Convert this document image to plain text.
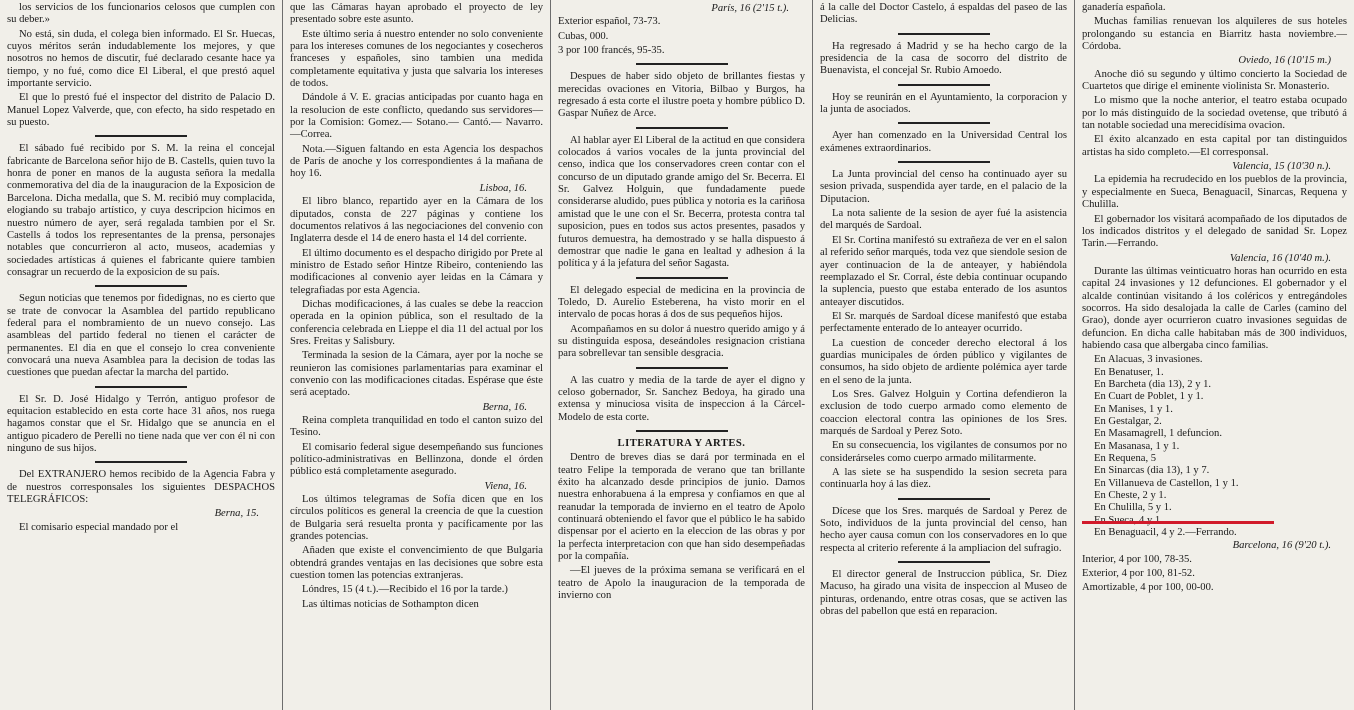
los servicios de los funcionarios celosos que cumplen con su deber.»

No está, sin duda, el colega bien informado. El Sr. Huecas, cuyos méritos serán indudablemente los mejores, y que nosotros no hemos de discutir, fué declarado cesante hace ya tiempo, y no fué, como dice El Liberal, el que prestó aquel importante servicio.

El que lo prestó fué el inspector del distrito de Palacio D. Manuel Lopez Valverde, que, con efecto, ha sido respetado en su puesto.

El sábado fué recibido por S. M. la reina el concejal fabricante de Barcelona señor hijo de B. Castells, quien tuvo la honra de poner en manos de la augusta señora la medalla conmemorativa del dia de la inauguracion de la Exposicion de Barcelona. Dicha medalla, que S. M. recibió muy complacida, elogiando su trabajo artístico, y cuya descripcion hicimos en nuestro número de ayer, será regalada tambien por el Sr. Castells á todos los representantes de la prensa, personajes notables que concurrieron al acto, museos, academias y sociedades artísticas á quienes el fabricante quiere tambien consagrar un recuerdo de la exposicion de su país.

Segun noticias que tenemos por fidedignas, no es cierto que se trate de convocar la Asamblea del partido republicano federal para el nombramiento de un nuevo consejo. Las asambleas del partido federal no tienen el carácter de permanentes. El dia en que el consejo lo crea conveniente convocará una nueva Asamblea para la decision de todas las cuestiones que puedan afectar la marcha del partido.

El Sr. D. José Hidalgo y Terrón, antiguo profesor de equitacion establecido en esta corte hace 31 años, nos ruega hagamos constar que el Sr. Hidalgo que se anuncia en el antiguo picadero de Perelli no tiene nada que ver con él ni con ninguno de sus hijos.

Del EXTRANJERO hemos recibido de la Agencia Fabra y de nuestros corresponsales los siguientes DESPACHOS TELEGRÁFICOS:

Berna, 15.

El comisario especial mandado por el

que las Cámaras hayan aprobado el proyecto de ley presentado sobre este asunto.

Este último seria á nuestro entender no solo conveniente para los intereses comunes de los negociantes y cosecheros franceses y españoles, sino tambien una medida completamente equitativa y justa que salvaria los intereses de todos.

Dándole á V. E. gracias anticipadas por cuanto haga en la resolucion de este conflicto, quedando sus servidores—por la Comision: Gomez.— Sotano.— Cantó.— Navarro.—Correa.

Nota.—Siguen faltando en esta Agencia los despachos de París de anoche y los correspondientes á la mañana de hoy 16.

Lisboa, 16.

El libro blanco, repartido ayer en la Cámara de los diputados, consta de 227 páginas y contiene los documentos relativos á las negociaciones del convenio con Inglaterra desde el 14 de enero hasta el 14 del corriente.

El último documento es el despacho dirigido por Prete al ministro de Estado señor Hintze Ribeiro, conteniendo las modificaciones al convenio ayer leidas en la Cámara y telegrafiadas por esta Agencia.

Dichas modificaciones, á las cuales se debe la reaccion operada en la opinion pública, son el resultado de la conferencia celebrada en Lieppe el dia 11 del actual por los Sres. Freitas y Salisbury.

Terminada la sesion de la Cámara, ayer por la noche se reunieron las comisiones parlamentarias para examinar el convenio con las modificaciones citadas. Espérase que éste será aceptado.

Berna, 16.

Reina completa tranquilidad en todo el canton suizo del Tesino.

El comisario federal sigue desempeñando sus funciones político-administrativas en Bellinzona, donde el órden público está completamente asegurado.

Viena, 16.

Los últimos telegramas de Sofía dicen que en los círculos políticos es general la creencia de que la cuestion de Bulgaria será resuelta pronta y pacíficamente por las grandes potencias.

Añaden que existe el convencimiento de que Bulgaria obtendrá grandes ventajas en las decisiones que sobre esta cuestion tomen las potencias extranjeras.

Lóndres, 15 (4 t.).—Recibido el 16 por la tarde.)

Las últimas noticias de Sothampton dicen

París, 16 (2'15 t.).

Exterior español, 73-73.

Cubas, 000.

3 por 100 francés, 95-35.

Despues de haber sido objeto de brillantes fiestas y merecidas ovaciones en Vitoria, Bilbao y Burgos, ha regresado á esta corte el ilustre poeta y hombre público D. Gaspar Nuñez de Arce.

Al hablar ayer El Liberal de la actitud en que considera colocados á varios vocales de la junta provincial del censo, indica que los conservadores creen contar con el concurso de un diputado grande amigo del Sr. Becerra. El Sr. Galvez Holguin, que fundadamente puede considerarse aludido, pues pública y notoria es la cariñosa amistad que le une con el Sr. Becerra, protesta contra tal suposicion, pues en todos sus actos presentes, pasados y futuros demuestra, ha demostrado y se halla dispuesto á demostrar que nadie le gana en lealtad y adhesion á la política y á la jefatura del señor Sagasta.

El delegado especial de medicina en la provincia de Toledo, D. Aurelio Esteberena, ha visto morir en el intervalo de pocas horas á dos de sus pequeños hijos.

Acompañamos en su dolor á nuestro querido amigo y á su distinguida esposa, deseándoles resignacion cristiana para sobrellevar tan sensible desgracia.

A las cuatro y media de la tarde de ayer el digno y celoso gobernador, Sr. Sanchez Bedoya, ha girado una extensa y minuciosa visita de inspeccion á la Cárcel-Modelo de esta corte.

LITERATURA Y ARTES.

Dentro de breves dias se dará por terminada en el teatro Felipe la temporada de verano que tan brillante éxito ha alcanzado desde principios de junio. Damos nuestra enhorabuena á la empresa y confiamos en que al reanudar la temporada de invierno en el teatro de Apolo continuará obteniendo el favor que el público le ha sabido dispensar por el acierto en la eleccion de las obras y por la perfecta interpretacion con que han sido desempeñadas por la compañía.

—El jueves de la próxima semana se verificará en el teatro de Apolo la inauguracion de la temporada de invierno con

á la calle del Doctor Castelo, á espaldas del paseo de las Delicias.

Ha regresado á Madrid y se ha hecho cargo de la presidencia de la casa de socorro del distrito de Buenavista, el concejal Sr. Rubio Amoedo.

Hoy se reunirán en el Ayuntamiento, la corporacion y la junta de asociados.

Ayer han comenzado en la Universidad Central los exámenes extraordinarios.

La Junta provincial del censo ha continuado ayer su sesion privada, suspendida ayer tarde, en el palacio de la Diputacion.

La nota saliente de la sesion de ayer fué la asistencia del marqués de Sardoal.

El Sr. Cortina manifestó su extrañeza de ver en el salon al referido señor marqués, toda vez que siendole sesion de ayer continuacion de la de anteayer, y habiéndola reemplazado el Sr. Corral, éste debia continuar ocupando la suplencia, puesto que estaba enterado de los asuntos anteayer discutidos.

El Sr. marqués de Sardoal dícese manifestó que estaba perfectamente enterado de lo anteayer ocurrido.

La cuestion de conceder derecho electoral á los guardias municipales de órden público y vigilantes de consumos, ha sido objeto de ardiente polémica ayer tarde en el seno de la junta.

Los Sres. Galvez Holguin y Cortina defendieron la exclusion de todo cuerpo armado como elemento de coaccion electoral contra las opiniones de los Sres. marqués de Sardoal y Perez Soto.

En su consecuencia, los vigilantes de consumos por no considerárseles como cuerpo armado militarmente.

A las siete se ha suspendido la sesion secreta para continuarla hoy á las diez.

Dícese que los Sres. marqués de Sardoal y Perez de Soto, individuos de la junta provincial del censo, han hecho ayer causa comun con los conservadores en lo que respecta al criterio referente á la ampliacion del sufragio.

El director general de Instruccion pública, Sr. Diez Macuso, ha girado una visita de inspeccion al Museo de pinturas, ordenando, entre otras cosas, que se activen las obras del pabellon que está en reparacion.

ganadería española.

Muchas familias renuevan los alquileres de sus hoteles prolongando su estancia en Biarritz hasta noviembre.—Córdoba.

Oviedo, 16 (10'15 m.)

Anoche dió su segundo y último concierto la Sociedad de Cuartetos que dirige el eminente violinista Sr. Monasterio.

Lo mismo que la noche anterior, el teatro estaba ocupado por lo más distinguido de la sociedad ovetense, que tributó á tan notable sociedad una merecidísima ovacion.

El éxito alcanzado en esta capital por tan distinguidos artistas ha sido completo.—El corresponsal.

Valencia, 15 (10'30 n.).

La epidemia ha recrudecido en los pueblos de la provincia, y especialmente en Sueca, Benaguacil, Sinarcas, Requena y Chulilla.

El gobernador los visitará acompañado de los diputados de los indicados distritos y el delegado de sanidad Sr. Lopez Tarin.—Ferrando.

Valencia, 16 (10'40 m.).

Durante las últimas veinticuatro horas han ocurrido en esta capital 24 invasiones y 12 defunciones. El gobernador y el alcalde continúan visitando á los coléricos y entregándoles socorros. Ha sido desalojada la calle de Carles (camino del Grao), donde ayer ocurrieron cuatro invasiones seguidas de defuncion. En dicha calle habitaban más de 300 individuos, habiendo casa que albergaba cinco familias.

En Alacuas, 3 invasiones.

En Benatuser, 1.

En Barcheta (dia 13), 2 y 1.

En Cuart de Poblet, 1 y 1.

En Manises, 1 y 1.

En Gestalgar, 2.

En Masamagrell, 1 defuncion.

En Masanasa, 1 y 1.

En Requena, 5

En Sinarcas (dia 13), 1 y 7.

En Villanueva de Castellon, 1 y 1.

En Cheste, 2 y 1.

En Chulilla, 5 y 1.

En Benaguacil, 4 y 2.—Ferrando.

Barcelona, 16 (9'20 t.).

Interior, 4 por 100, 78-35.

Exterior, 4 por 100, 81-52.

Amortizable, 4 por 100, 00-00.
